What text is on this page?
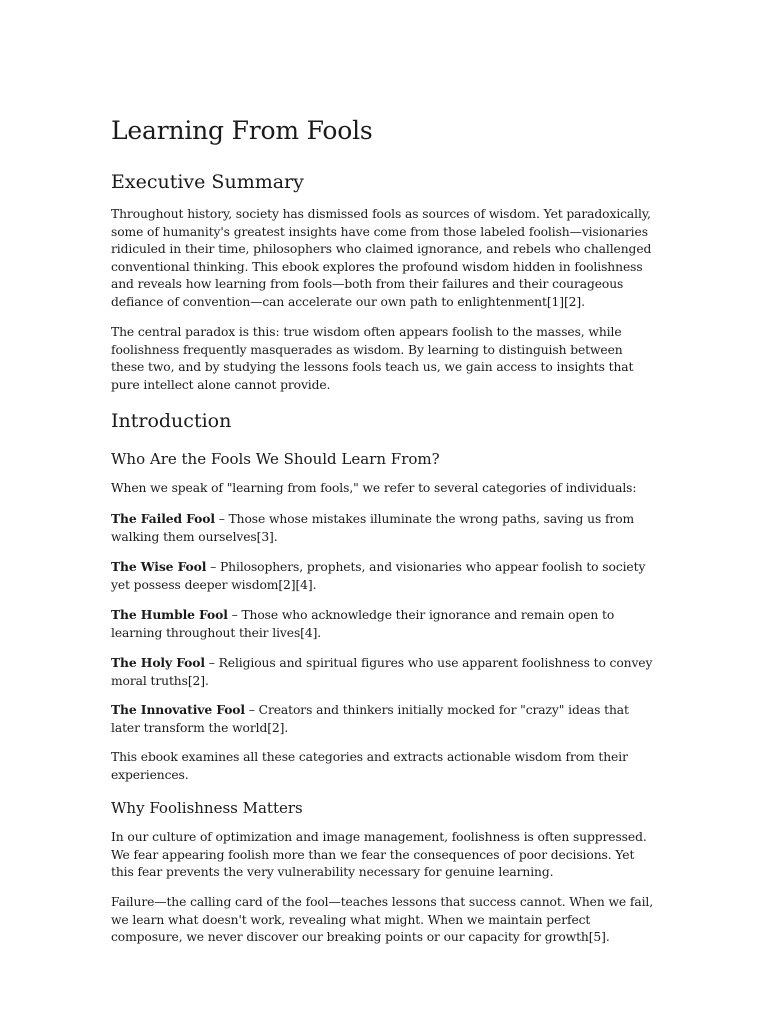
Learning From Fools
Executive Summary

Throughout history, society has dismissed fools as sources of wisdom. Yet paradoxically, some of humanity's greatest insights have come from those labeled foolish—visionaries ridiculed in their time, philosophers who claimed ignorance, and rebels who challenged conventional thinking. This ebook explores the profound wisdom hidden in foolishness and reveals how learning from fools—both from their failures and their courageous defiance of convention—can accelerate our own path to enlightenment[1][2].

The central paradox is this: true wisdom often appears foolish to the masses, while foolishness frequently masquerades as wisdom. By learning to distinguish between these two, and by studying the lessons fools teach us, we gain access to insights that pure intellect alone cannot provide.

Introduction
Who Are the Fools We Should Learn From?

When we speak of "learning from fools," we refer to several categories of individuals:

The Failed Fool – Those whose mistakes illuminate the wrong paths, saving us from walking them ourselves[3].

The Wise Fool – Philosophers, prophets, and visionaries who appear foolish to society yet possess deeper wisdom[2][4].

The Humble Fool – Those who acknowledge their ignorance and remain open to learning throughout their lives[4].

The Holy Fool – Religious and spiritual figures who use apparent foolishness to convey moral truths[2].

The Innovative Fool – Creators and thinkers initially mocked for "crazy" ideas that later transform the world[2].

This ebook examines all these categories and extracts actionable wisdom from their experiences.

Why Foolishness Matters

In our culture of optimization and image management, foolishness is often suppressed. We fear appearing foolish more than we fear the consequences of poor decisions. Yet this fear prevents the very vulnerability necessary for genuine learning.

Failure—the calling card of the fool—teaches lessons that success cannot. When we fail, we learn what doesn't work, revealing what might. When we maintain perfect composure, we never discover our breaking points or our capacity for growth[5].
